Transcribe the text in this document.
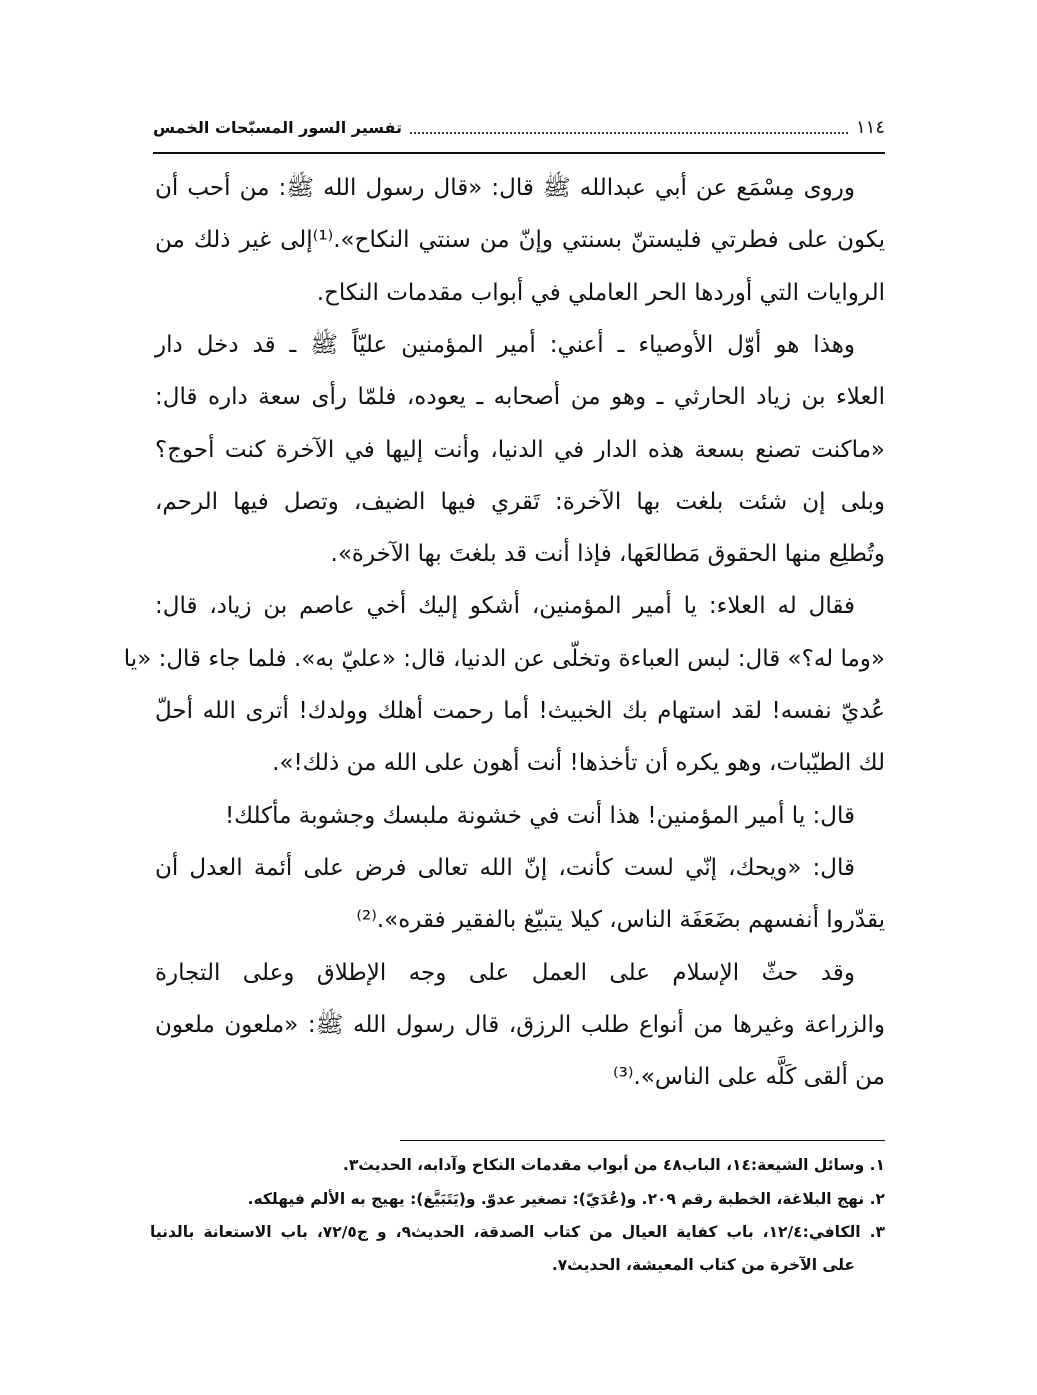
١١٤
تفسير السور المسبّحات الخمس
وروى مِسْمَع عن أبي عبدالله ﷺ قال: «قال رسول الله ﷺ: من أحب أن
يكون على فطرتي فليستنّ بسنتي وإنّ من سنتي النكاح».⁽¹⁾إلى غير ذلك من
الروايات التي أوردها الحر العاملي في أبواب مقدمات النكاح.
وهذا هو أوّل الأوصياء ـ أعني: أمير المؤمنين عليّاً ﷺ ـ قد دخل دار
العلاء بن زياد الحارثي ـ وهو من أصحابه ـ يعوده، فلمّا رأى سعة داره قال:
«ماكنت تصنع بسعة هذه الدار في الدنيا، وأنت إليها في الآخرة كنت أحوج؟
وبلى إن شئت بلغت بها الآخرة: تَقري فيها الضيف، وتصل فيها الرحم،
وتُطلِع منها الحقوق مَطالعَها، فإذا أنت قد بلغتَ بها الآخرة».
فقال له العلاء: يا أمير المؤمنين، أشكو إليك أخي عاصم بن زياد، قال:
«وما له؟» قال: لبس العباءة وتخلّى عن الدنيا، قال: «عليّ به». فلما جاء قال: «يا
عُديّ نفسه! لقد استهام بك الخبيث! أما رحمت أهلك وولدك! أترى الله أحلّ
لك الطيّبات، وهو يكره أن تأخذها! أنت أهون على الله من ذلك!».
قال: يا أمير المؤمنين! هذا أنت في خشونة ملبسك وجشوبة مأكلك!
قال: «ويحك، إنّي لست كأنت، إنّ الله تعالى فرض على أئمة العدل أن
يقدّروا أنفسهم بضَعَفَة الناس، كيلا يتبيّغ بالفقير فقره».⁽²⁾
وقد حثّ الإسلام على العمل على وجه الإطلاق وعلى التجارة
والزراعة وغيرها من أنواع طلب الرزق، قال رسول الله ﷺ: «ملعون ملعون
من ألقى كَلَّه على الناس».⁽³⁾
١. وسائل الشيعة:١٤، الباب٤٨ من أبواب مقدمات النكاح وآدابه، الحديث٣.
٢. نهج البلاغة، الخطبة رقم ٢٠٩. و(عُدَيّ): تصغير عدوّ. و(يَتَبَيَّغ): يهيج به الألم فيهلكه.
٣. الكافي:١٢/٤، باب كفاية العيال من كتاب الصدقة، الحديث٩، و ج٧٢/٥، باب الاستعانة بالدنيا
على الآخرة من كتاب المعيشة، الحديث٧.
